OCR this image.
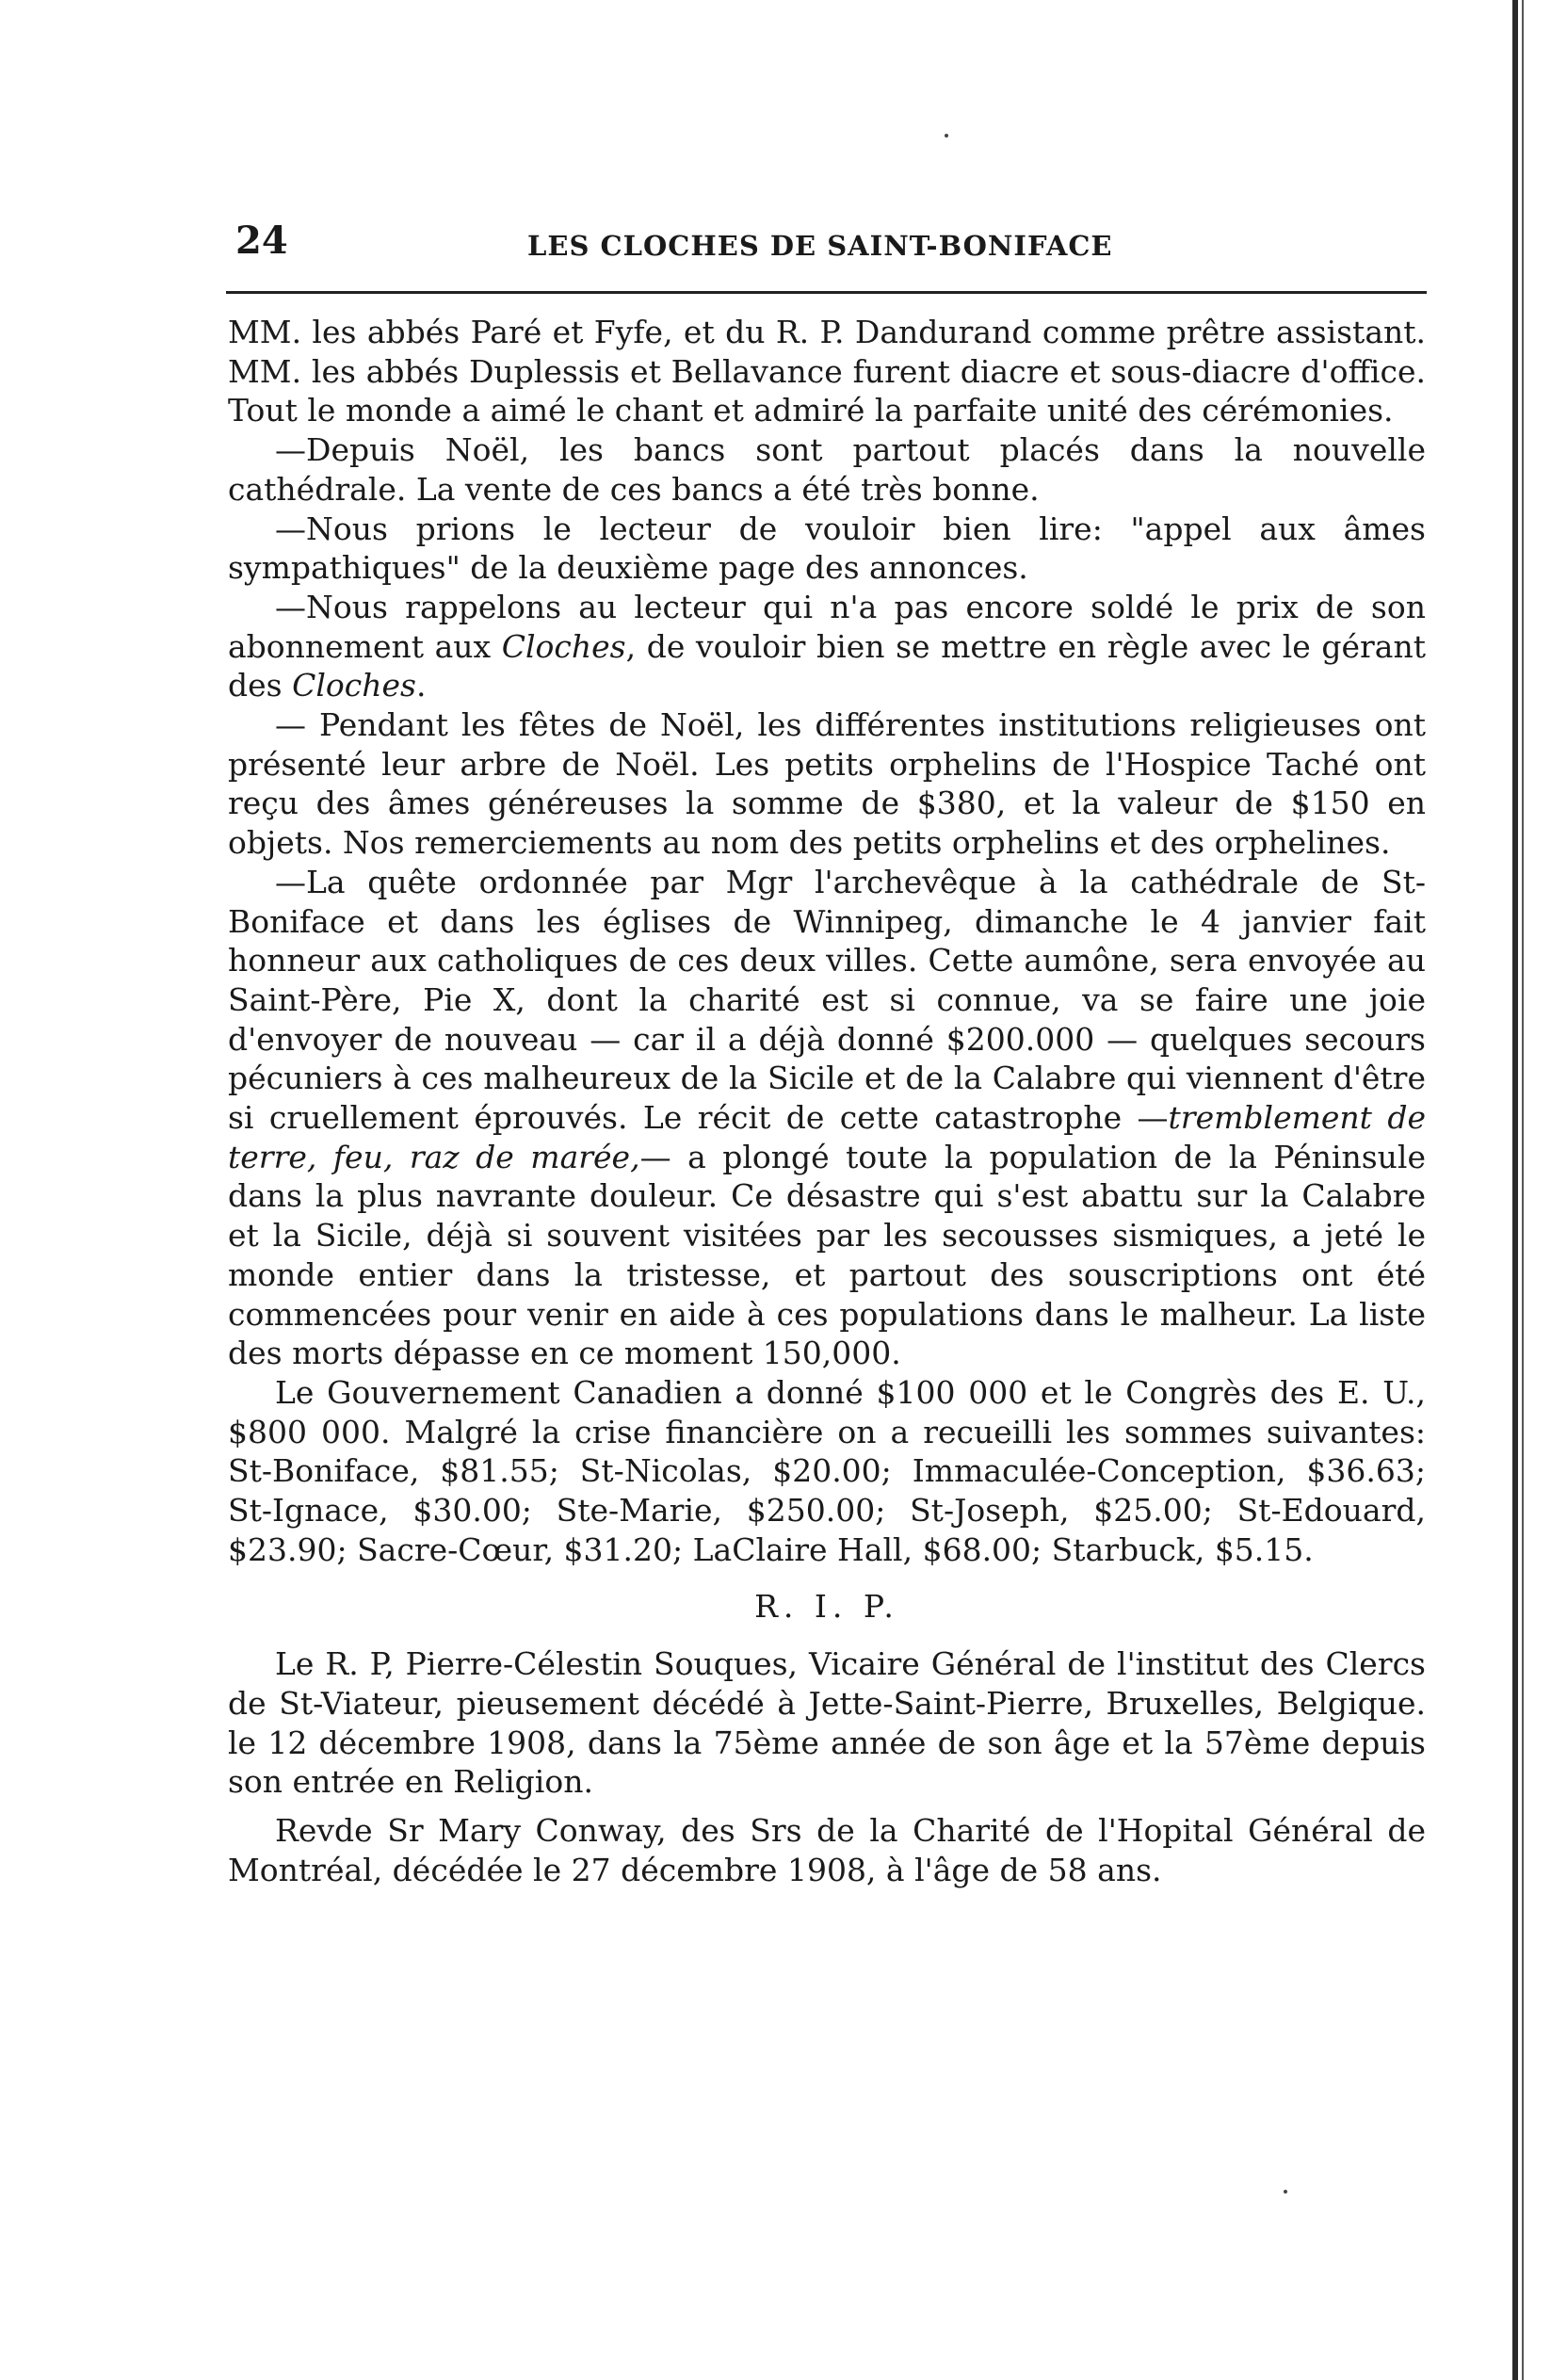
24	LES CLOCHES DE SAINT-BONIFACE

MM. les abbés Paré et Fyfe, et du R. P. Dandurand comme prêtre assistant. MM. les abbés Duplessis et Bellavance furent diacre et sous-diacre d'office. Tout le monde a aimé le chant et admiré la parfaite unité des cérémonies.

—Depuis Noël, les bancs sont partout placés dans la nouvelle cathédrale. La vente de ces bancs a été très bonne.

—Nous prions le lecteur de vouloir bien lire: "appel aux âmes sympathiques" de la deuxième page des annonces.

—Nous rappelons au lecteur qui n'a pas encore soldé le prix de son abonnement aux Cloches, de vouloir bien se mettre en règle avec le gérant des Cloches.

— Pendant les fêtes de Noël, les différentes institutions religieuses ont présenté leur arbre de Noël. Les petits orphelins de l'Hospice Taché ont reçu des âmes généreuses la somme de $380, et la valeur de $150 en objets. Nos remerciements au nom des petits orphelins et des orphelines.

—La quête ordonnée par Mgr l'archevêque à la cathédrale de St-Boniface et dans les églises de Winnipeg, dimanche le 4 janvier fait honneur aux catholiques de ces deux villes. Cette aumône, sera envoyée au Saint-Père, Pie X, dont la charité est si connue, va se faire une joie d'envoyer de nouveau — car il a déjà donné $200.000 — quelques secours pécuniers à ces malheureux de la Sicile et de la Calabre qui viennent d'être si cruellement éprouvés. Le récit de cette catastrophe —tremblement de terre, feu, raz de marée,— a plongé toute la population de la Péninsule dans la plus navrante douleur. Ce désastre qui s'est abattu sur la Calabre et la Sicile, déjà si souvent visitées par les secousses sismiques, a jeté le monde entier dans la tristesse, et partout des souscriptions ont été commencées pour venir en aide à ces populations dans le malheur. La liste des morts dépasse en ce moment 150,000.

Le Gouvernement Canadien a donné $100 000 et le Congrès des E. U., $800 000. Malgré la crise financière on a recueilli les sommes suivantes: St-Boniface, $81.55; St-Nicolas, $20.00; Immaculée-Conception, $36.63; St-Ignace, $30.00; Ste-Marie, $250.00; St-Joseph, $25.00; St-Edouard, $23.90; Sacre-Cœur, $31.20; LaClaire Hall, $68.00; Starbuck, $5.15.

R. I. P.

Le R. P, Pierre-Célestin Souques, Vicaire Général de l'institut des Clercs de St-Viateur, pieusement décédé à Jette-Saint-Pierre, Bruxelles, Belgique. le 12 décembre 1908, dans la 75ème année de son âge et la 57ème depuis son entrée en Religion.

Revde Sr Mary Conway, des Srs de la Charité de l'Hopital Général de Montréal, décédée le 27 décembre 1908, à l'âge de 58 ans.
